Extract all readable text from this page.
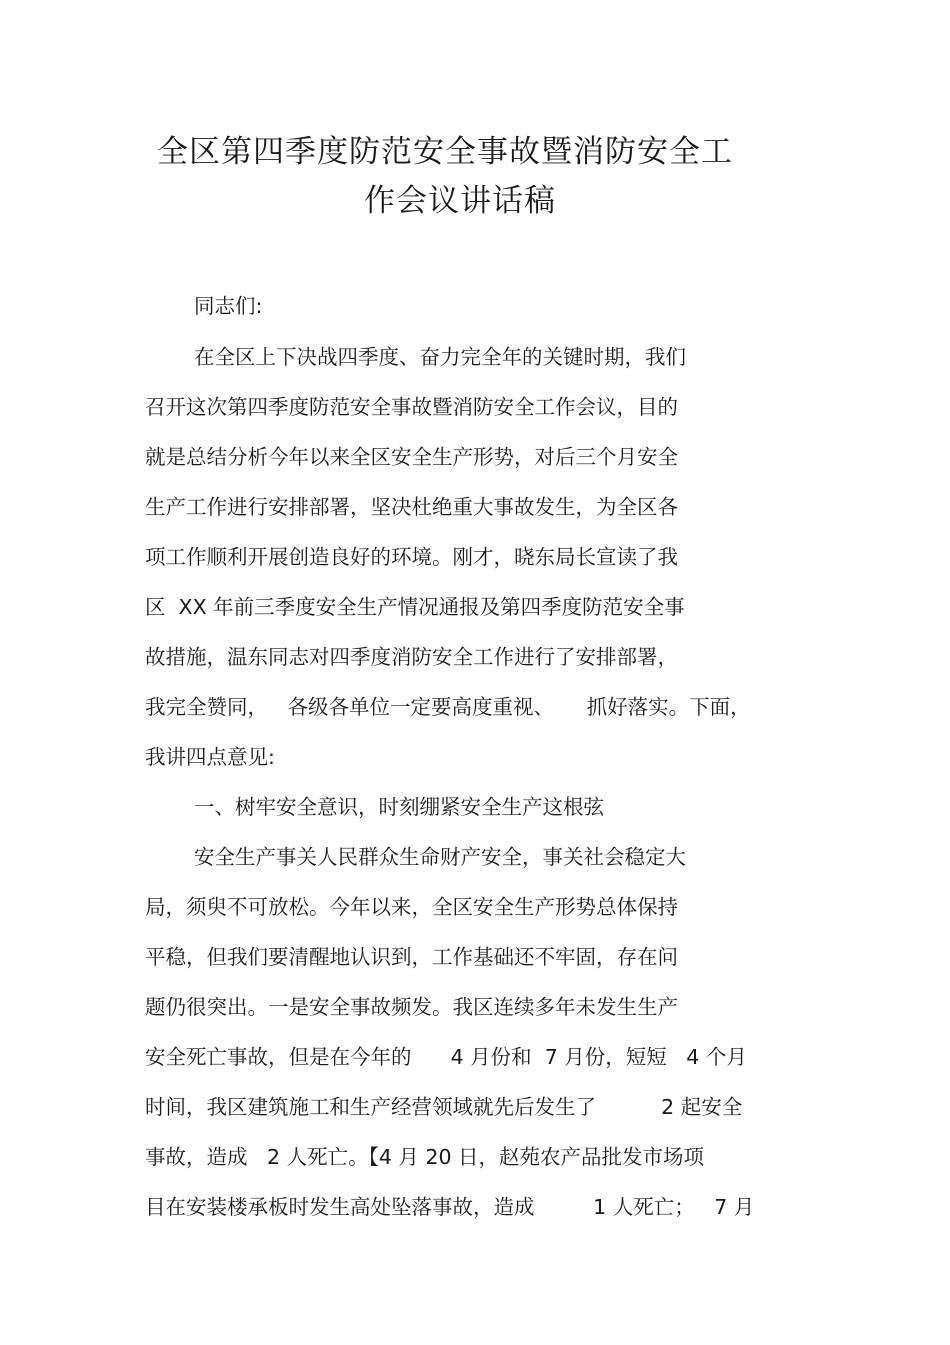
全区第四季度防范安全事故暨消防安全工
作会议讲话稿
同志们:
在全区上下决战四季度、奋力完全年的关键时期，我们
召开这次第四季度防范安全事故暨消防安全工作会议，目的
就是总结分析今年以来全区安全生产形势，对后三个月安全
生产工作进行安排部署，坚决杜绝重大事故发生，为全区各
项工作顺利开展创造良好的环境。刚才，晓东局长宣读了我
区  XX 年前三季度安全生产情况通报及第四季度防范安全事
故措施，温东同志对四季度消防安全工作进行了安排部署，
我完全赞同，   各级各单位一定要高度重视、     抓好落实。下面，
我讲四点意见:
一、树牢安全意识，时刻绷紧安全生产这根弦
安全生产事关人民群众生命财产安全，事关社会稳定大
局，须臾不可放松。今年以来，全区安全生产形势总体保持
平稳，但我们要清醒地认识到，工作基础还不牢固，存在问
题仍很突出。一是安全事故频发。我区连续多年未发生生产
安全死亡事故，但是在今年的      4 月份和  7 月份，短短   4 个月
时间，我区建筑施工和生产经营领域就先后发生了          2 起安全
事故，造成   2 人死亡。【4 月 20 日，赵苑农产品批发市场项
目在安装楼承板时发生高处坠落事故，造成         1 人死亡；   7 月
